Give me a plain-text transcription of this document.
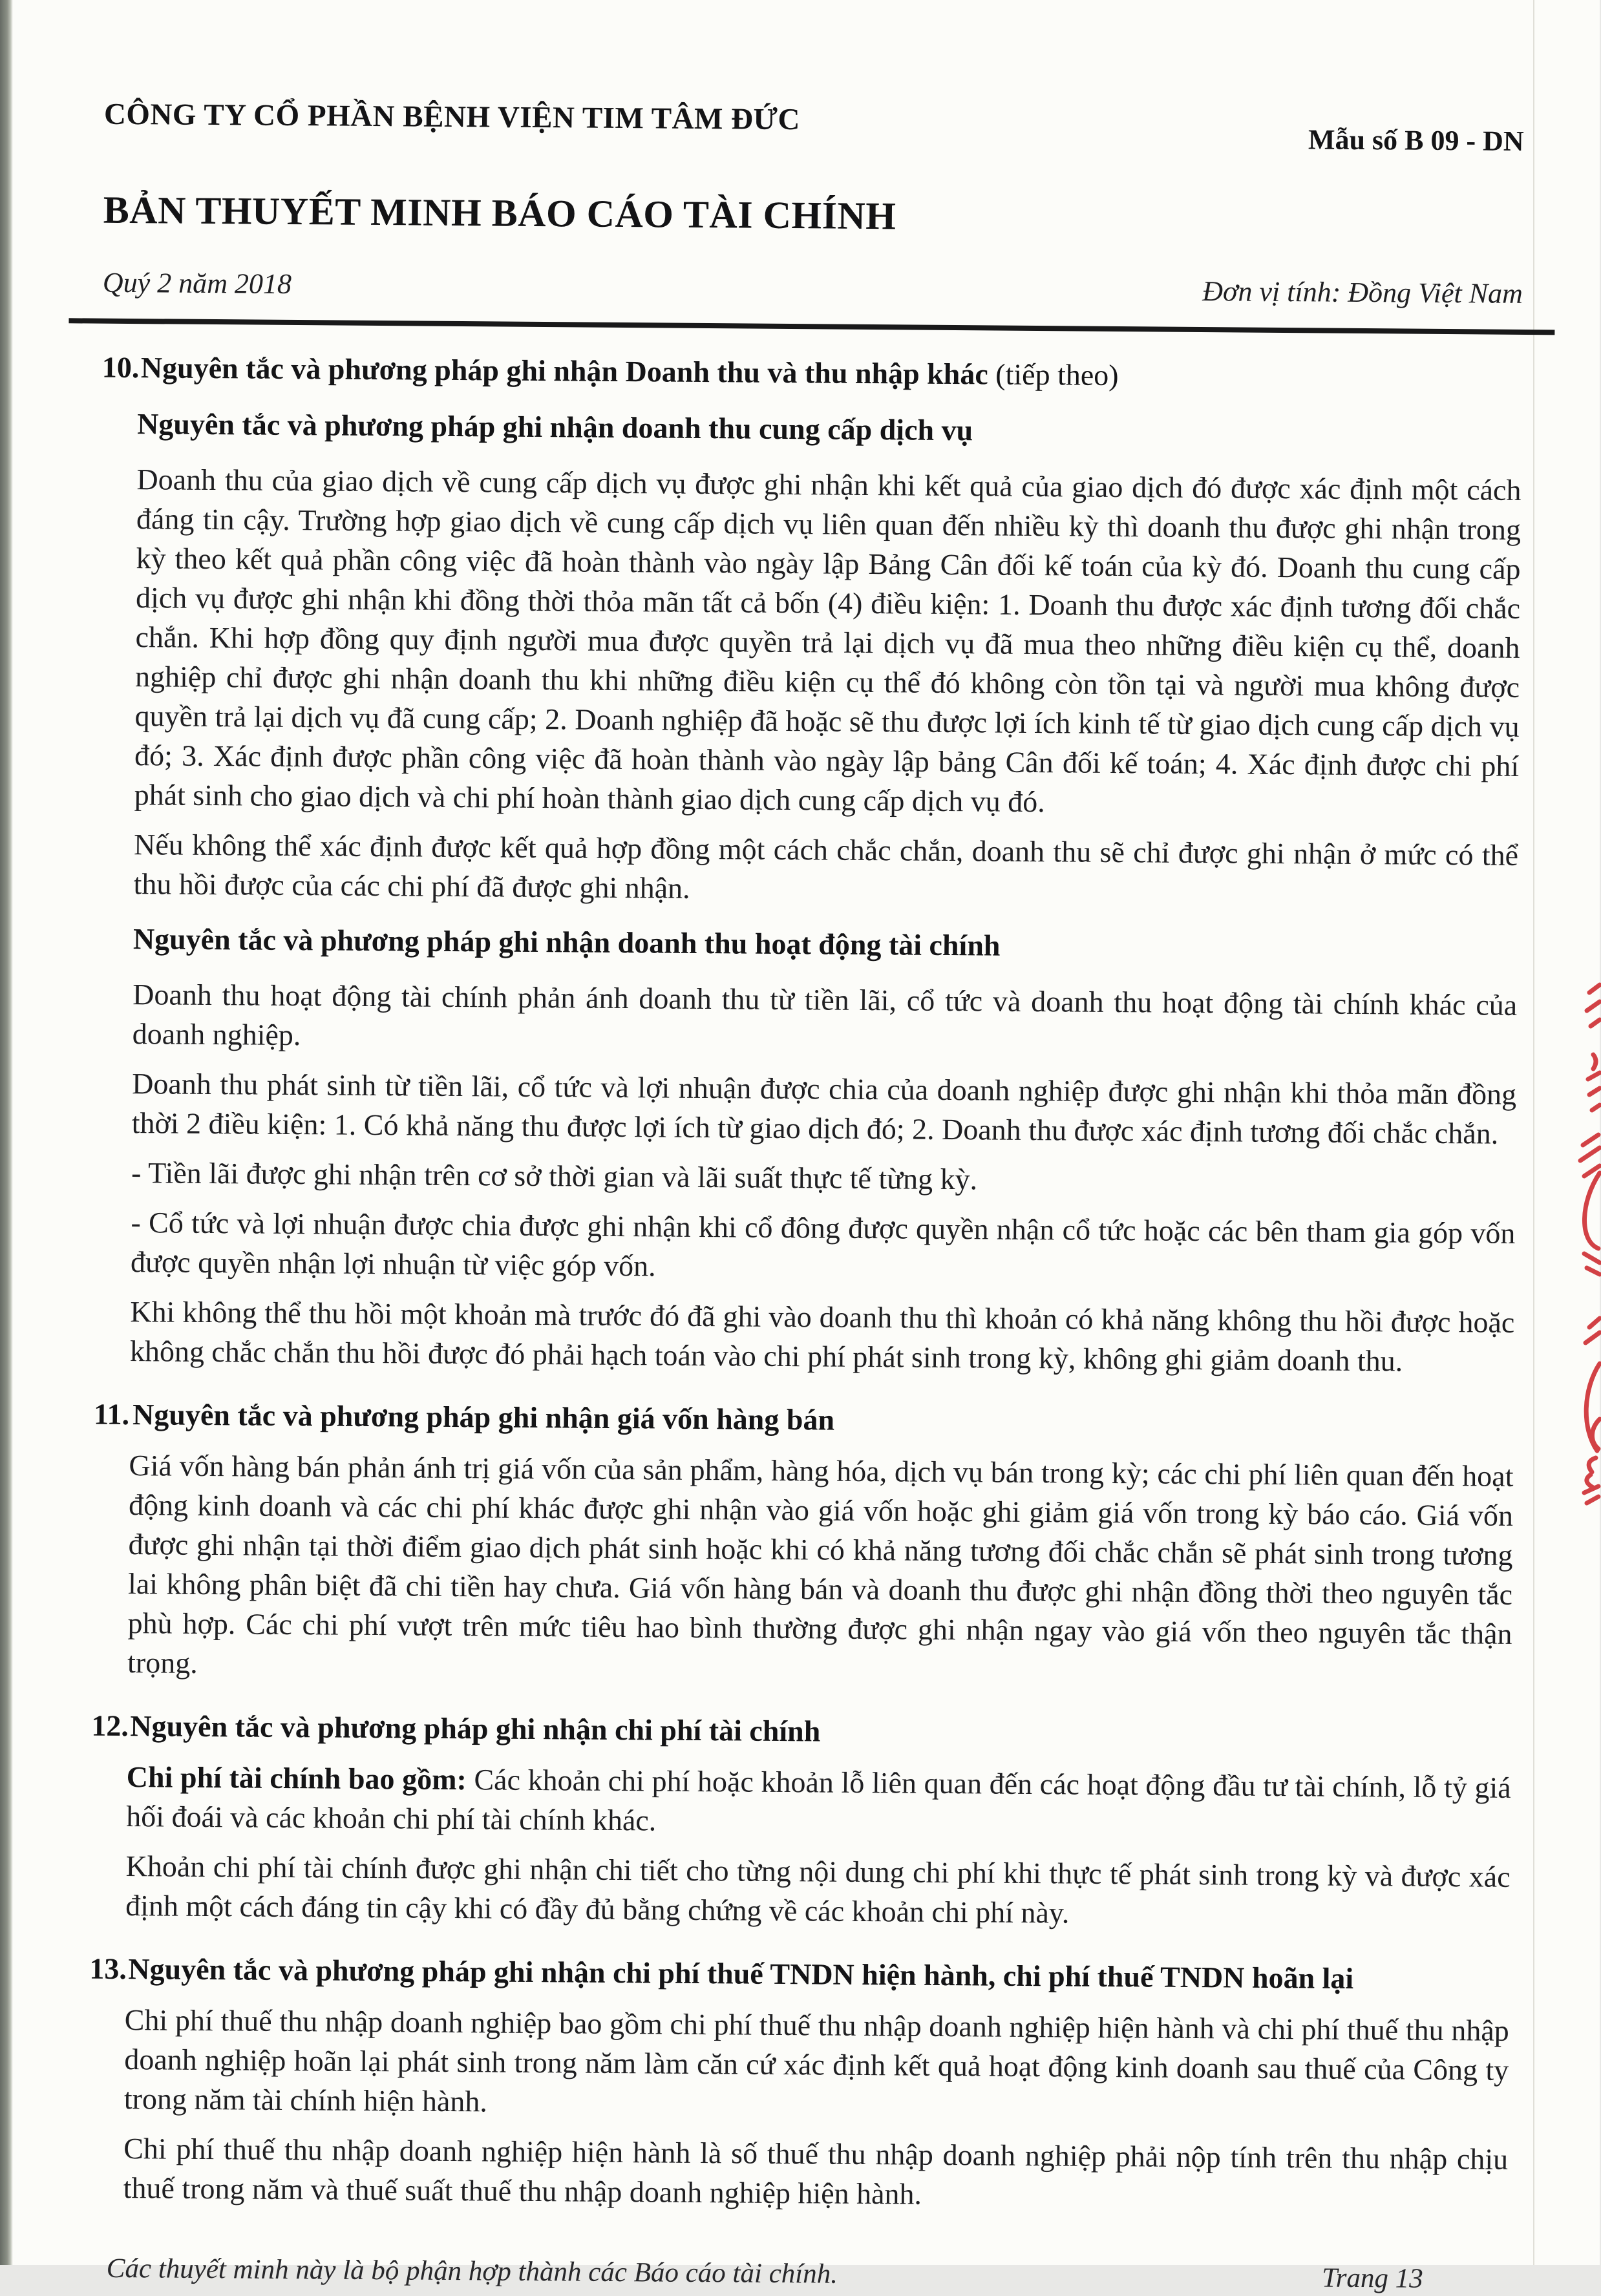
CÔNG TY CỔ PHẦN BỆNH VIỆN TIM TÂM ĐỨC
Mẫu số B 09 - DN
BẢN THUYẾT MINH BÁO CÁO TÀI CHÍNH
Quý 2 năm 2018	Đơn vị tính: Đồng Việt Nam
10. Nguyên tắc và phương pháp ghi nhận Doanh thu và thu nhập khác (tiếp theo)
Nguyên tắc và phương pháp ghi nhận doanh thu cung cấp dịch vụ

Doanh thu của giao dịch về cung cấp dịch vụ được ghi nhận khi kết quả của giao dịch đó được xác định một cách đáng tin cậy. Trường hợp giao dịch về cung cấp dịch vụ liên quan đến nhiều kỳ thì doanh thu được ghi nhận trong kỳ theo kết quả phần công việc đã hoàn thành vào ngày lập Bảng Cân đối kế toán của kỳ đó. Doanh thu cung cấp dịch vụ được ghi nhận khi đồng thời thỏa mãn tất cả bốn (4) điều kiện: 1. Doanh thu được xác định tương đối chắc chắn. Khi hợp đồng quy định người mua được quyền trả lại dịch vụ đã mua theo những điều kiện cụ thể, doanh nghiệp chỉ được ghi nhận doanh thu khi những điều kiện cụ thể đó không còn tồn tại và người mua không được quyền trả lại dịch vụ đã cung cấp; 2. Doanh nghiệp đã hoặc sẽ thu được lợi ích kinh tế từ giao dịch cung cấp dịch vụ đó; 3. Xác định được phần công việc đã hoàn thành vào ngày lập bảng Cân đối kế toán; 4. Xác định được chi phí phát sinh cho giao dịch và chi phí hoàn thành giao dịch cung cấp dịch vụ đó.

Nếu không thể xác định được kết quả hợp đồng một cách chắc chắn, doanh thu sẽ chỉ được ghi nhận ở mức có thể thu hồi được của các chi phí đã được ghi nhận.

Nguyên tắc và phương pháp ghi nhận doanh thu hoạt động tài chính

Doanh thu hoạt động tài chính phản ánh doanh thu từ tiền lãi, cổ tức và doanh thu hoạt động tài chính khác của doanh nghiệp.

Doanh thu phát sinh từ tiền lãi, cổ tức và lợi nhuận được chia của doanh nghiệp được ghi nhận khi thỏa mãn đồng thời 2 điều kiện: 1. Có khả năng thu được lợi ích từ giao dịch đó; 2. Doanh thu được xác định tương đối chắc chắn.

- Tiền lãi được ghi nhận trên cơ sở thời gian và lãi suất thực tế từng kỳ.

- Cổ tức và lợi nhuận được chia được ghi nhận khi cổ đông được quyền nhận cổ tức hoặc các bên tham gia góp vốn được quyền nhận lợi nhuận từ việc góp vốn.

Khi không thể thu hồi một khoản mà trước đó đã ghi vào doanh thu thì khoản có khả năng không thu hồi được hoặc không chắc chắn thu hồi được đó phải hạch toán vào chi phí phát sinh trong kỳ, không ghi giảm doanh thu.

11. Nguyên tắc và phương pháp ghi nhận giá vốn hàng bán

Giá vốn hàng bán phản ánh trị giá vốn của sản phẩm, hàng hóa, dịch vụ bán trong kỳ; các chi phí liên quan đến hoạt động kinh doanh và các chi phí khác được ghi nhận vào giá vốn hoặc ghi giảm giá vốn trong kỳ báo cáo. Giá vốn được ghi nhận tại thời điểm giao dịch phát sinh hoặc khi có khả năng tương đối chắc chắn sẽ phát sinh trong tương lai không phân biệt đã chi tiền hay chưa. Giá vốn hàng bán và doanh thu được ghi nhận đồng thời theo nguyên tắc phù hợp. Các chi phí vượt trên mức tiêu hao bình thường được ghi nhận ngay vào giá vốn theo nguyên tắc thận trọng.

12. Nguyên tắc và phương pháp ghi nhận chi phí tài chính

Chi phí tài chính bao gồm: Các khoản chi phí hoặc khoản lỗ liên quan đến các hoạt động đầu tư tài chính, lỗ tỷ giá hối đoái và các khoản chi phí tài chính khác.

Khoản chi phí tài chính được ghi nhận chi tiết cho từng nội dung chi phí khi thực tế phát sinh trong kỳ và được xác định một cách đáng tin cậy khi có đầy đủ bằng chứng về các khoản chi phí này.

13. Nguyên tắc và phương pháp ghi nhận chi phí thuế TNDN hiện hành, chi phí thuế TNDN hoãn lại

Chi phí thuế thu nhập doanh nghiệp bao gồm chi phí thuế thu nhập doanh nghiệp hiện hành và chi phí thuế thu nhập doanh nghiệp hoãn lại phát sinh trong năm làm căn cứ xác định kết quả hoạt động kinh doanh sau thuế của Công ty trong năm tài chính hiện hành.

Chi phí thuế thu nhập doanh nghiệp hiện hành là số thuế thu nhập doanh nghiệp phải nộp tính trên thu nhập chịu thuế trong năm và thuế suất thuế thu nhập doanh nghiệp hiện hành.

Các thuyết minh này là bộ phận hợp thành các Báo cáo tài chính.	Trang 13
